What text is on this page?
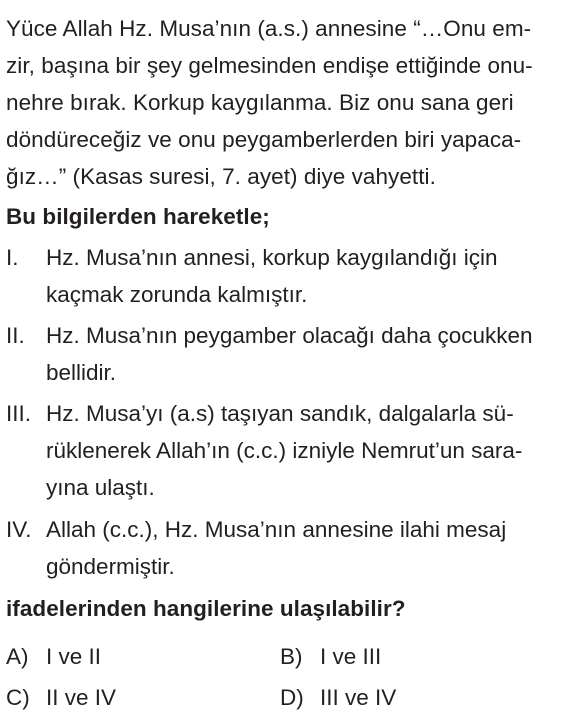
Yüce Allah Hz. Musa’nın (a.s.) annesine “…Onu em-
zir, başına bir şey gelmesinden endişe ettiğinde onu-
nehre bırak. Korkup kaygılanma. Biz onu sana geri
döndüreceğiz ve onu peygamberlerden biri yapaca-
ğız…” (Kasas suresi, 7. ayet) diye vahyetti.
Bu bilgilerden hareketle;
I. Hz. Musa’nın annesi, korkup kaygılandığı için
kaçmak zorunda kalmıştır.
II. Hz. Musa’nın peygamber olacağı daha çocukken
bellidir.
III. Hz. Musa’yı (a.s) taşıyan sandık, dalgalarla sü-
rüklenerek Allah’ın (c.c.) izniyle Nemrut’un sara-
yına ulaştı.
IV. Allah (c.c.), Hz. Musa’nın annesine ilahi mesaj
göndermiştir.
ifadelerinden hangilerine ulaşılabilir?
A) I ve II	B) I ve III
C) II ve IV	D) III ve IV
